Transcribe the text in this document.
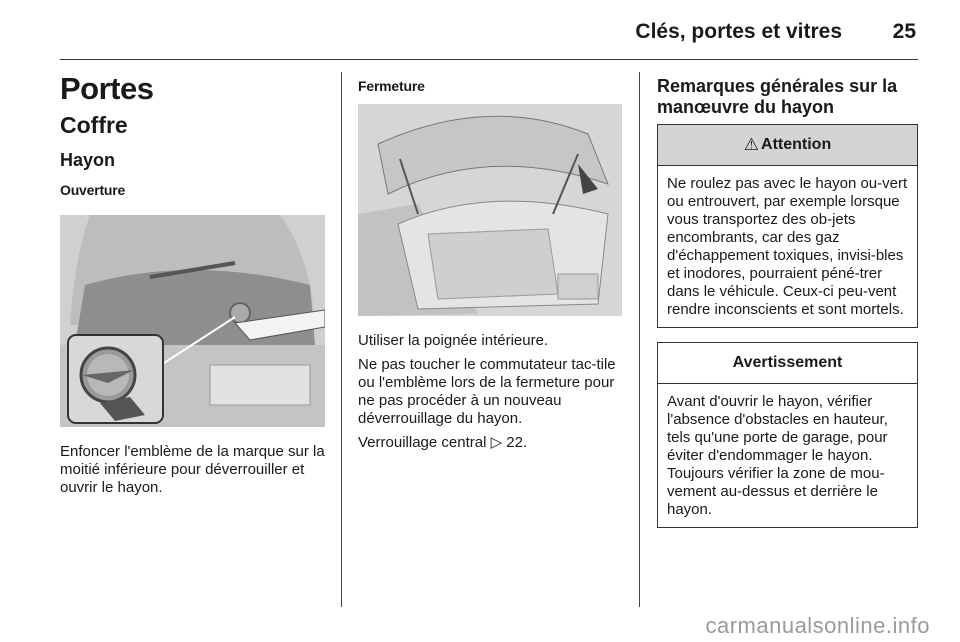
Clés, portes et vitres 25
Portes
Coffre
Hayon
Ouverture

Enfoncer l'emblème de la marque sur la moitié inférieure pour déverrouiller et ouvrir le hayon.

Fermeture

Utiliser la poignée intérieure.

Ne pas toucher le commutateur tac-tile ou l'emblème lors de la fermeture pour ne pas procéder à un nouveau déverrouillage du hayon.

Verrouillage central ▷ 22.

Remarques générales sur la manœuvre du hayon
⚠ Attention
Ne roulez pas avec le hayon ou-vert ou entrouvert, par exemple lorsque vous transportez des ob-jets encombrants, car des gaz d'échappement toxiques, invisi-bles et inodores, pourraient péné-trer dans le véhicule. Ceux-ci peu-vent rendre inconscients et sont mortels.
Avertissement
Avant d'ouvrir le hayon, vérifier l'absence d'obstacles en hauteur, tels qu'une porte de garage, pour éviter d'endommager le hayon. Toujours vérifier la zone de mou-vement au-dessus et derrière le hayon.
carmanualsonline.info
